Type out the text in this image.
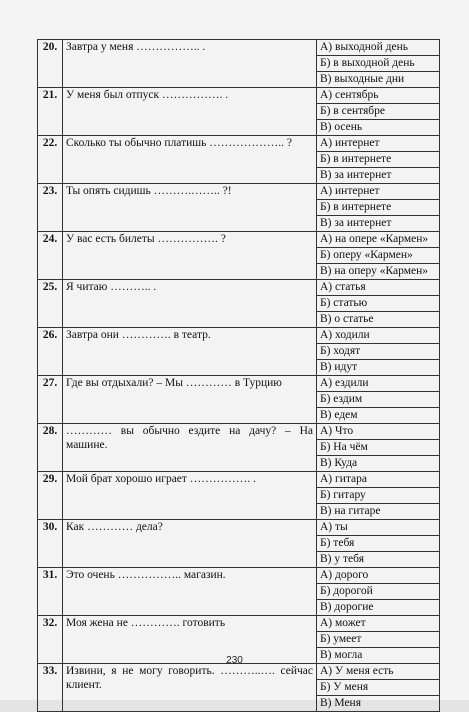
20.	Завтра у меня …………….. .	А) выходной день
		Б) в выходной день
		В) выходные дни
21.	У меня был отпуск ……………. .	А) сентябрь
		Б) в сентябре
		В) осень
22.	Сколько ты обычно платишь ……………….. ?	А) интернет
		Б) в интернете
		В) за интернет
23.	Ты опять сидишь ……….…….. ?!	А) интернет
		Б) в интернете
		В) за интернет
24.	У вас есть билеты ……………. ?	А) на опере «Кармен»
		Б) оперу «Кармен»
		В) на оперу «Кармен»
25.	Я читаю ……….. .	А) статья
		Б) статью
		В) о статье
26.	Завтра они …………. в театр.	А) ходили
		Б) ходят
		В) идут
27.	Где вы отдыхали? – Мы ………… в Турцию	А) ездили
		Б) ездим
		В) едем
28.	………… вы обычно ездите на дачу? – На машине.	А) Что
		Б) На чём
		В) Куда
29.	Мой брат хорошо играет ……………. .	А) гитара
		Б) гитару
		В) на гитаре
30.	Как ………… дела?	А) ты
		Б) тебя
		В) у тебя
31.	Это очень …………….. магазин.	А) дорого
		Б) дорогой
		В) дорогие
32.	Моя жена не …………. готовить	А) может
		Б) умеет
		В) могла
33.	Извини, я не могу говорить. ………..…. сейчас клиент.	А) У меня есть
		Б) У меня
		В) Меня
230
